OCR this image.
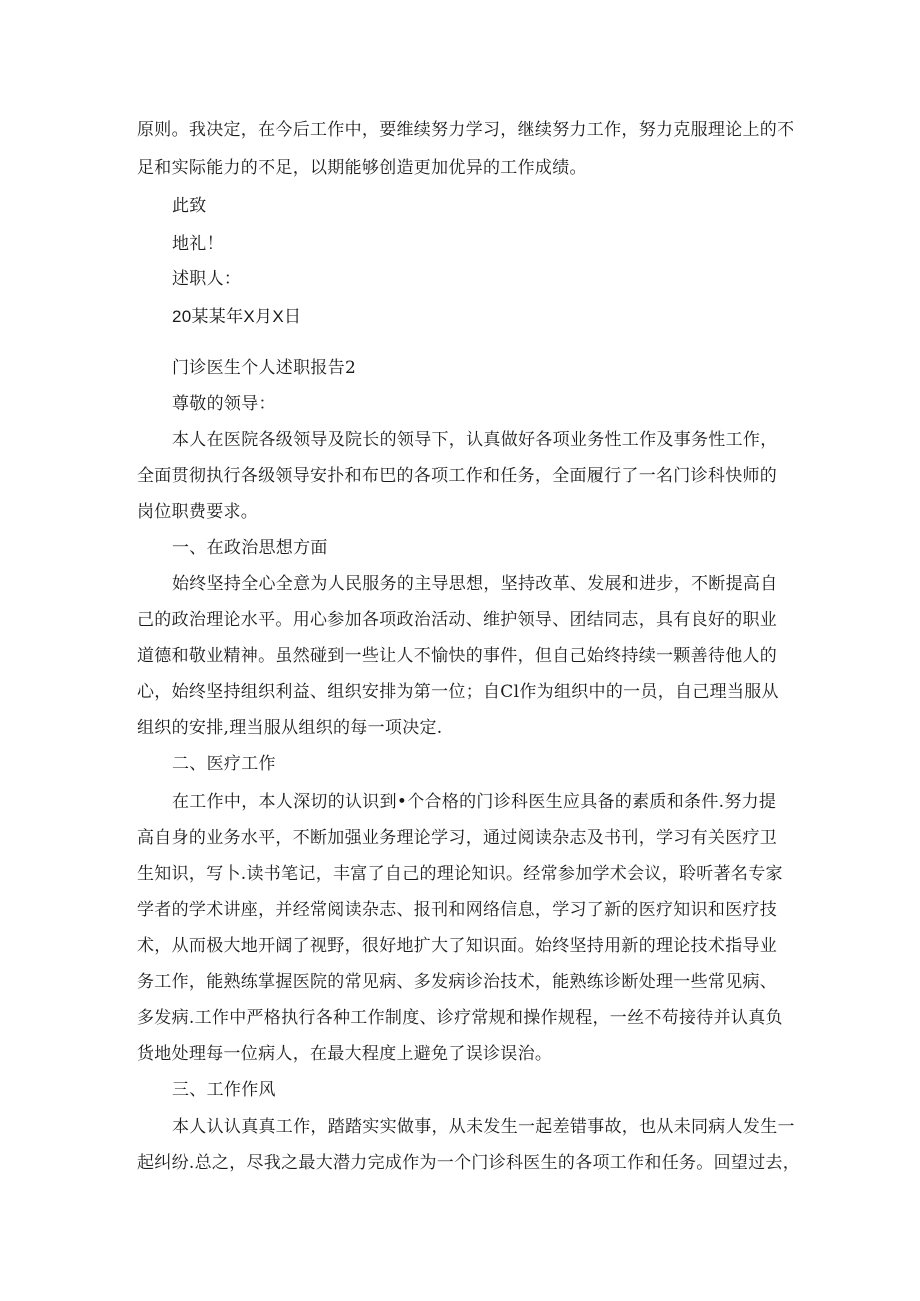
原则。我决定，在今后工作中，要维续努力学习，继续努力工作，努力克服理论上的不
足和实际能力的不足，以期能够创造更加优异的工作成绩。
此致
地礼！
述职人：
20某某年X月X日
门诊医生个人述职报告2
尊敬的领导：
本人在医院各级领导及院长的领导下，认真做好各项业务性工作及事务性工作，
全面贯彻执行各级领导安扑和布巴的各项工作和任务，全面履行了一名门诊科快师的
岗位职费要求。
一、在政治思想方面
始终坚持全心全意为人民服务的主导思想，坚持改革、发展和进步，不断提高自
己的政治理论水平。用心参加各项政治活动、维护领导、团结同志，具有良好的职业
道德和敬业精神。虽然碰到一些让人不愉快的事件，但自己始终持续一颗善待他人的
心，始终坚持组织利益、组织安排为第一位；自Cl作为组织中的一员，自己理当服从
组织的安排,理当服从组织的每一项决定.
二、医疗工作
在工作中，本人深切的认识到•个合格的门诊科医生应具备的素质和条件.努力提
高自身的业务水平，不断加强业务理论学习，通过阅读杂志及书刊，学习有关医疗卫
生知识，写卜.读书笔记，丰富了自己的理论知识。经常参加学术会议，聆听著名专家
学者的学术讲座，并经常阅读杂志、报刊和网络信息，学习了新的医疗知识和医疗技
术，从而极大地开阔了视野，很好地扩大了知识面。始终坚持用新的理论技术指导业
务工作，能熟练掌握医院的常见病、多发病诊治技术，能熟练诊断处理一些常见病、
多发病.工作中严格执行各种工作制度、诊疗常规和操作规程，一丝不苟接待并认真负
货地处理每一位病人，在最大程度上避免了误诊误治。
三、工作作风
本人认认真真工作，踏踏实实做事，从未发生一起差错事故，也从未同病人发生一
起纠纷.总之，尽我之最大潜力完成作为一个门诊科医生的各项工作和任务。回望过去，
